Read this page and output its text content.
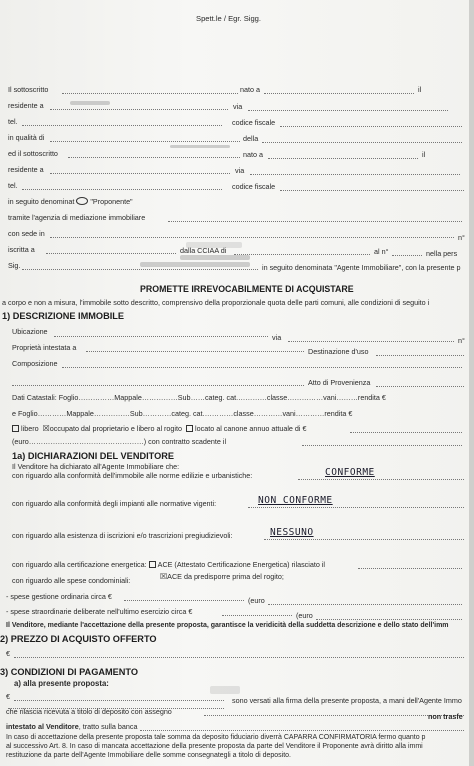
Spett.le / Egr. Sigg.
Il sottoscritto	nato a	il
residente a	via
tel.	codice fiscale
in qualità di	della
ed il sottoscritto	nato a	il
residente a	via
tel.	codice fiscale
in seguito denominat "Proponente"
tramite l'agenzia di mediazione immobiliare
con sede in	n°
iscritta a	dalla CCIAA di	al n°	nella pers
Sig.	in seguito denominata "Agente Immobiliare", con la presente p
PROMETTE IRREVOCABILMENTE DI ACQUISTARE
a corpo e non a misura, l'immobile sotto descritto, comprensivo della proporzionale quota delle parti comuni, alle condizioni di seguito i
1) DESCRIZIONE IMMOBILE
Ubicazione
via	n°
Proprietà intestata a	Destinazione d'uso
Composizione
Atto di Provenienza
Dati Catastali: Foglio……………Mappale……………Sub……categ. cat.…………classe……………vani………rendita €
e Foglio…………Mappale……………Sub…………categ. cat.…………classe…………vani…………rendita €
libero ☒occupato dal proprietario e libero al rogito locato al canone annuo attuale di €
(euro…………………………………………) con contratto scadente il
1a) DICHIARAZIONI DEL VENDITORE
Il Venditore ha dichiarato all'Agente Immobiliare che:
con riguardo alla conformità dell'immobile alle norme edilizie e urbanistiche:	CONFORME
con riguardo alla conformità degli impianti alle normative vigenti:	NON CONFORME
con riguardo alla esistenza di iscrizioni e/o trascrizioni pregiudizievoli:	NESSUNO
con riguardo alla certificazione energetica: ACE (Attestato Certificazione Energetica) rilasciato il
con riguardo alle spese condominiali:	☒ACE da predisporre prima del rogito;
- spese gestione ordinaria circa €	(euro
- spese straordinarie deliberate nell'ultimo esercizio circa €	(euro
Il Venditore, mediante l'accettazione della presente proposta, garantisce la veridicità della suddetta descrizione e dello stato dell'imm
2) PREZZO DI ACQUISTO OFFERTO
€
3) CONDIZIONI DI PAGAMENTO
a) alla presente proposta:
€	sono versati alla firma della presente proposta, a mani dell'Agente Immo
che rilascia ricevuta a titolo di deposito con assegno
non trasfe
intestato al Venditore, tratto sulla banca
In caso di accettazione della presente proposta tale somma da deposito fiduciario diverrà CAPARRA CONFIRMATORIA fermo quanto p
al successivo Art. 8. In caso di mancata accettazione della presente proposta da parte del Venditore il Proponente avrà diritto alla immi
restituzione da parte dell'Agente Immobiliare delle somme consegnategli a titolo di deposito.
